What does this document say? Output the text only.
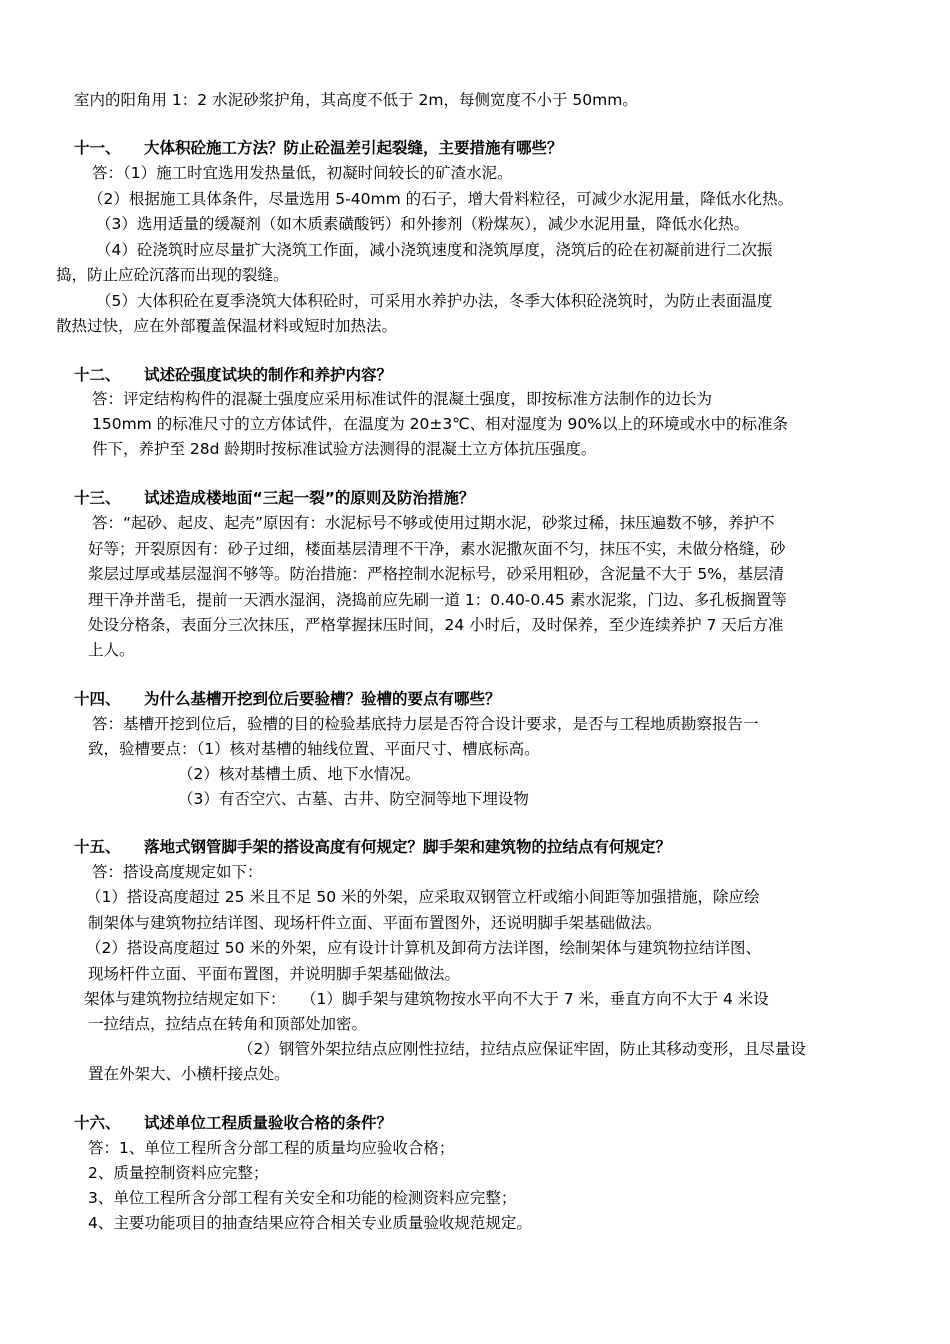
室内的阳角用 1：2 水泥砂浆护角，其高度不低于 2m，每侧宽度不小于 50mm。

十一、 大体积砼施工方法？防止砼温差引起裂缝，主要措施有哪些？

答：（1）施工时宜选用发热量低，初凝时间较长的矿渣水泥。

（2）根据施工具体条件，尽量选用 5-40mm 的石子，增大骨料粒径，可减少水泥用量，降低水化热。

（3）选用适量的缓凝剂（如木质素磺酸钙）和外掺剂（粉煤灰），减少水泥用量，降低水化热。

（4）砼浇筑时应尽量扩大浇筑工作面，减小浇筑速度和浇筑厚度，浇筑后的砼在初凝前进行二次振

捣，防止应砼沉落而出现的裂缝。

（5）大体积砼在夏季浇筑大体积砼时，可采用水养护办法，冬季大体积砼浇筑时，为防止表面温度

散热过快，应在外部覆盖保温材料或短时加热法。

十二、 试述砼强度试块的制作和养护内容？

答：评定结构构件的混凝土强度应采用标准试件的混凝土强度，即按标准方法制作的边长为

150mm 的标准尺寸的立方体试件，在温度为 20±3℃、相对湿度为 90%以上的环境或水中的标准条

件下，养护至 28d 龄期时按标准试验方法测得的混凝土立方体抗压强度。

十三、 试述造成楼地面“三起一裂”的原则及防治措施？

答：“起砂、起皮、起壳”原因有：水泥标号不够或使用过期水泥，砂浆过稀，抹压遍数不够，养护不

好等；开裂原因有：砂子过细，楼面基层清理不干净，素水泥撒灰面不匀，抹压不实，未做分格缝，砂

浆层过厚或基层湿润不够等。防治措施：严格控制水泥标号，砂采用粗砂，含泥量不大于 5%，基层清

理干净并凿毛，提前一天洒水湿润，浇捣前应先刷一道 1：0.40-0.45 素水泥浆，门边、多孔板搁置等

处设分格条，表面分三次抹压，严格掌握抹压时间，24 小时后，及时保养，至少连续养护 7 天后方准

上人。

十四、 为什么基槽开挖到位后要验槽？验槽的要点有哪些？

答：基槽开挖到位后，验槽的目的检验基底持力层是否符合设计要求，是否与工程地质勘察报告一

致，验槽要点：（1）核对基槽的轴线位置、平面尺寸、槽底标高。

（2）核对基槽土质、地下水情况。

（3）有否空穴、古墓、古井、防空洞等地下埋设物

十五、 落地式钢管脚手架的搭设高度有何规定？脚手架和建筑物的拉结点有何规定？

答：搭设高度规定如下：

（1）搭设高度超过 25 米且不足 50 米的外架，应采取双钢管立杆或缩小间距等加强措施，除应绘

制架体与建筑物拉结详图、现场杆件立面、平面布置图外，还说明脚手架基础做法。

（2）搭设高度超过 50 米的外架，应有设计计算机及卸荷方法详图，绘制架体与建筑物拉结详图、

现场杆件立面、平面布置图，并说明脚手架基础做法。

架体与建筑物拉结规定如下：　　（1）脚手架与建筑物按水平向不大于 7 米，垂直方向不大于 4 米设

一拉结点，拉结点在转角和顶部处加密。

（2）钢管外架拉结点应刚性拉结，拉结点应保证牢固，防止其移动变形，且尽量设

置在外架大、小横杆接点处。

十六、 试述单位工程质量验收合格的条件？

答：1、单位工程所含分部工程的质量均应验收合格；

2、质量控制资料应完整；

3、单位工程所含分部工程有关安全和功能的检测资料应完整；

4、主要功能项目的抽查结果应符合相关专业质量验收规范规定。
